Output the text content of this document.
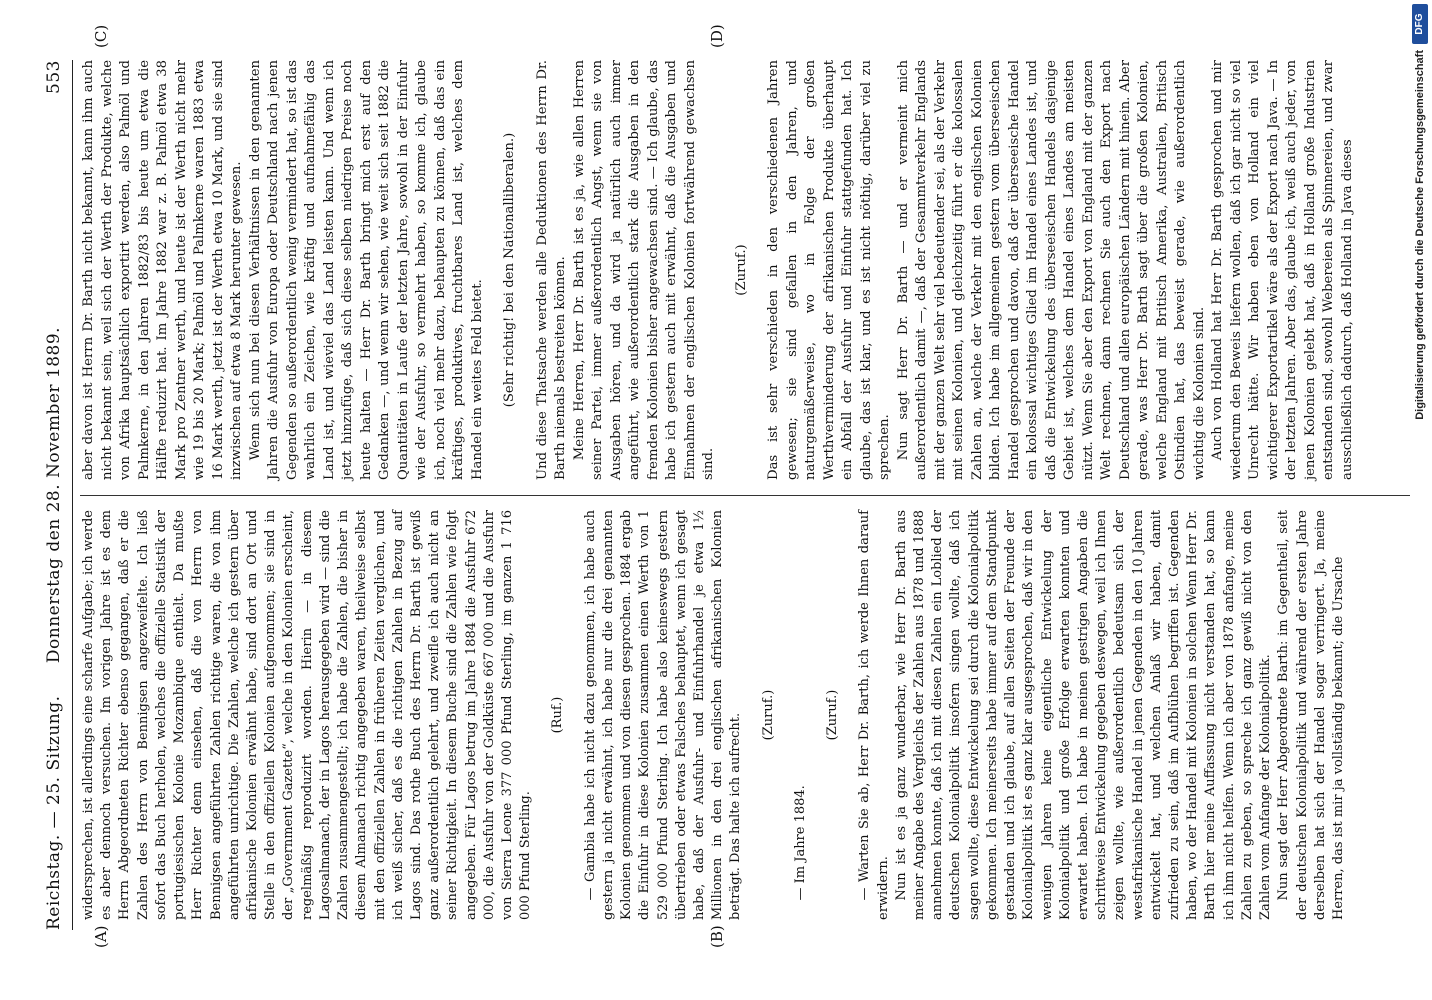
Reichstag. — 25. Sitzung.
Donnerstag den 28. November 1889.
553
(A)	(B)
(C)	(D)

widersprechen, ist allerdings eine scharfe Aufgabe; ich werde es aber dennoch versuchen. Im vorigen Jahre ist es dem Herrn Abgeordneten Richter ebenso gegangen, daß er die Zahlen des Herrn von Bennigsen angezweifelte. Ich ließ sofort das Buch herholen, welches die offizielle Statistik der portugiesischen Kolonie Mozambique enthielt. Da mußte Herr Richter denn einsehen, daß die von Herrn von Bennigsen angeführten Zahlen richtige waren, die von ihm angeführten unrichtige. Die Zahlen, welche ich gestern über afrikanische Kolonien erwähnt habe, sind dort an Ort und Stelle in den offiziellen Kolonien aufgenommen; sie sind in der „Government Gazette“, welche in den Kolonien erscheint, regelmäßig reproduzirt worden. Hierin — in diesem Lagosalmanach, der in Lagos herausgegeben wird — sind die Zahlen zusammengestellt; ich habe die Zahlen, die bisher in diesem Almanach richtig angegeben waren, theilweise selbst mit den offiziellen Zahlen in früheren Zeiten verglichen, und ich weiß sicher, daß es die richtigen Zahlen in Bezug auf Lagos sind. Das rothe Buch des Herrn Dr. Barth ist gewiß ganz außerordentlich gelehrt, und zweifle ich auch nicht an seiner Richtigkeit. In diesem Buche sind die Zahlen wie folgt angegeben. Für Lagos betrug im Jahre 1884 die Ausfuhr 672 000, die Ausfuhr von der Goldküste 667 000 und die Ausfuhr von Sierra Leone 377 000 Pfund Sterling, im ganzen 1 716 000 Pfund Sterling.

(Ruf.) — Gambia habe ich nicht dazu genommen, ich habe auch gestern ja nicht erwähnt, ich habe nur die drei genannten Kolonien genommen und von diesen gesprochen. 1884 ergab die Einfuhr in diese Kolonien zusammen einen Werth von 1 529 000 Pfund Sterling. Ich habe also keineswegs gestern übertrieben oder etwas Falsches behauptet, wenn ich gesagt habe, daß der Ausfuhr- und Einfuhrhandel je etwa 1½ Millionen in den drei englischen afrikanischen Kolonien beträgt. Das halte ich aufrecht. (Zuruf.)

— Im Jahre 1884.

(Zuruf.) — Warten Sie ab, Herr Dr. Barth, ich werde Ihnen darauf erwidern. Nun ist es ja ganz wunderbar, wie Herr Dr. Barth aus meiner Angabe des Vergleichs der Zahlen aus 1878 und 1888 annehmen konnte, daß ich mit diesen Zahlen ein Loblied der deutschen Kolonialpolitik insofern singen wollte, daß ich sagen wollte, diese Entwickelung sei durch die Kolonialpolitik gekommen. Ich meinerseits habe immer auf dem Standpunkt gestanden und ich glaube, auf allen Seiten der Freunde der Kolonialpolitik ist es ganz klar ausgesprochen, daß wir in den wenigen Jahren keine eigentliche Entwickelung der Kolonialpolitik und große Erfolge erwarten konnten und erwartet haben. Ich habe in meinen gestrigen Angaben die schrittweise Entwickelung gegeben deswegen, weil ich Ihnen zeigen wollte, wie außerordentlich bedeutsam sich der westafrikanische Handel in jenen Gegenden in den 10 Jahren entwickelt hat, und welchen Anlaß wir haben, damit zufrieden zu sein, daß im Aufblühen begriffen ist. Gegenden haben, wo der Handel mit Kolonien in solchen Wenn Herr Dr. Barth hier meine Auffassung nicht verstanden hat, so kann ich ihm nicht helfen. Wenn ich aber von 1878 anfange, meine Zahlen zu geben, so spreche ich ganz gewiß nicht von den Zahlen vom Anfange der Kolonialpolitik. Nun sagt der Herr Abgeordnete Barth: im Gegentheil, seit der deutschen Kolonialpolitik und während der ersten Jahre derselben hat sich der Handel sogar verringert. Ja, meine Herren, das ist mir ja vollständig bekannt; die Ursache

aber davon ist Herrn Dr. Barth nicht bekannt, kann ihm auch nicht bekannt sein, weil sich der Werth der Produkte, welche von Afrika hauptsächlich exportirt werden, also Palmöl und Palmkerne, in den Jahren 1882/83 bis heute um etwa die Hälfte reduzirt hat. Im Jahre 1882 war z. B. Palmöl etwa 38 Mark pro Zentner werth, und heute ist der Werth nicht mehr wie 19 bis 20 Mark; Palmöl und Palmkerne waren 1883 etwa 16 Mark werth, jetzt ist der Werth etwa 10 Mark, und sie sind inzwischen auf etwa 8 Mark herunter gewesen. Wenn sich nun bei diesen Verhältnissen in den genannten Jahren die Ausfuhr von Europa oder Deutschland nach jenen Gegenden so außerordentlich wenig vermindert hat, so ist das wahrlich ein Zeichen, wie kräftig und aufnahmefähig das Land ist, und wieviel das Land leisten kann. Und wenn ich jetzt hinzufüge, daß sich diese selben niedrigen Preise noch heute halten — Herr Dr. Barth bringt mich erst auf den Gedanken —, und wenn wir sehen, wie weit sich seit 1882 die Quantitäten in Laufe der letzten Jahre, sowohl in der Einfuhr wie der Ausfuhr, so vermehrt haben, so komme ich, glaube ich, noch viel mehr dazu, behaupten zu können, daß das ein kräftiges, produktives, fruchtbares Land ist, welches dem Handel ein weites Feld bietet. (Sehr richtig! bei den Nationalliberalen.) Und diese Thatsache werden alle Deduktionen des Herrn Dr. Barth niemals bestreiten können. Meine Herren, Herr Dr. Barth ist es ja, wie allen Herren seiner Partei, immer außerordentlich Angst, wenn sie von Ausgaben hören, und da wird ja natürlich auch immer angeführt, wie außerordentlich stark die Ausgaben in den fremden Kolonien bisher angewachsen sind. — Ich glaube, das habe ich gestern auch mit erwähnt, daß die Ausgaben und Einnahmen der englischen Kolonien fortwährend gewachsen sind.

(Zuruf.) Das ist sehr verschieden in den verschiedenen Jahren gewesen; sie sind gefallen in den Jahren, und naturgemäßerweise, wo in Folge der großen Werthverminderung der afrikanischen Produkte überhaupt ein Abfall der Ausfuhr und Einfuhr stattgefunden hat. Ich glaube, das ist klar, und es ist nicht nöthig, darüber viel zu sprechen. Nun sagt Herr Dr. Barth — und er vermeint mich außerordentlich damit —, daß der Gesammtverkehr Englands mit der ganzen Welt sehr viel bedeutender sei, als der Verkehr mit seinen Kolonien, und gleichzeitig führt er die kolossalen Zahlen an, welche der Verkehr mit den englischen Kolonien bilden. Ich habe im allgemeinen gestern vom überseeischen Handel gesprochen und davon, daß der überseeische Handel ein kolossal wichtiges Glied im Handel eines Landes ist, und daß die Entwickelung des überseeischen Handels dasjenige Gebiet ist, welches dem Handel eines Landes am meisten nützt. Wenn Sie aber den Export von England mit der ganzen Welt rechnen, dann rechnen Sie auch den Export nach Deutschland und allen europäischen Ländern mit hinein. Aber gerade, was Herr Dr. Barth sagt über die großen Kolonien, welche England mit Britisch Amerika, Australien, Britisch Ostindien hat, das beweist gerade, wie außerordentlich wichtig die Kolonien sind. Auch von Holland hat Herr Dr. Barth gesprochen und mir wiederum den Beweis liefern wollen, daß ich gar nicht so viel Unrecht hätte. Wir haben eben von Holland ein viel wichtigerer Exportartikel wäre als der Export nach Java. — In der letzten Jahren. Aber das, glaube ich, weiß auch jeder, von jenen Kolonien gelebt hat, daß in Holland große Industrien entstanden sind, sowohl Webereien als Spinnereien, und zwar ausschließlich dadurch, daß Holland in Java dieses	Digitalisierung gefördert durch die Deutsche Forschungsgemeinschaft
DFG
